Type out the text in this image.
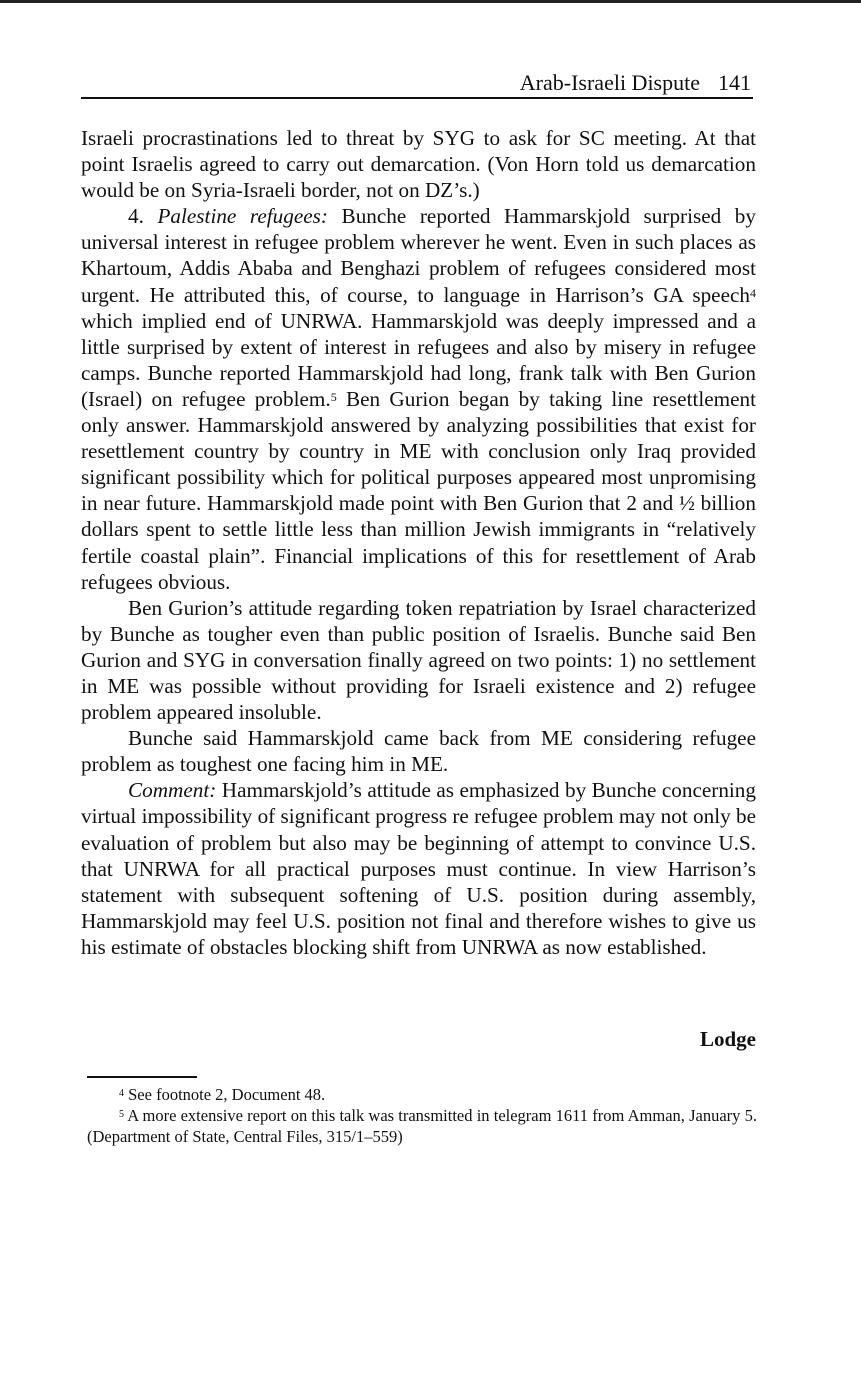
Arab-Israeli Dispute 141

Israeli procrastinations led to threat by SYG to ask for SC meeting. At that point Israelis agreed to carry out demarcation. (Von Horn told us demarcation would be on Syria-Israeli border, not on DZ’s.)

4. Palestine refugees: Bunche reported Hammarskjold surprised by universal interest in refugee problem wherever he went. Even in such places as Khartoum, Addis Ababa and Benghazi problem of refugees considered most urgent. He attributed this, of course, to language in Harrison’s GA speech$^4$ which implied end of UNRWA. Hammarskjold was deeply impressed and a little surprised by extent of interest in refugees and also by misery in refugee camps. Bunche reported Hammarskjold had long, frank talk with Ben Gurion (Israel) on refugee problem.$^5$ Ben Gurion began by taking line resettlement only answer. Hammarskjold answered by analyzing possibilities that exist for resettlement country by country in ME with conclusion only Iraq provided significant possibility which for political purposes appeared most unpromising in near future. Hammarskjold made point with Ben Gurion that 2 and ½ billion dollars spent to settle little less than million Jewish immigrants in “relatively fertile coastal plain”. Financial implications of this for resettlement of Arab refugees obvious.

Ben Gurion’s attitude regarding token repatriation by Israel characterized by Bunche as tougher even than public position of Israelis. Bunche said Ben Gurion and SYG in conversation finally agreed on two points: 1) no settlement in ME was possible without providing for Israeli existence and 2) refugee problem appeared insoluble.

Bunche said Hammarskjold came back from ME considering refugee problem as toughest one facing him in ME.

Comment: Hammarskjold’s attitude as emphasized by Bunche concerning virtual impossibility of significant progress re refugee problem may not only be evaluation of problem but also may be beginning of attempt to convince U.S. that UNRWA for all practical purposes must continue. In view Harrison’s statement with subsequent softening of U.S. position during assembly, Hammarskjold may feel U.S. position not final and therefore wishes to give us his estimate of obstacles blocking shift from UNRWA as now established.

Lodge

$^4$ See footnote 2, Document 48.

$^5$ A more extensive report on this talk was transmitted in telegram 1611 from Amman, January 5. (Department of State, Central Files, 315/1–559)
